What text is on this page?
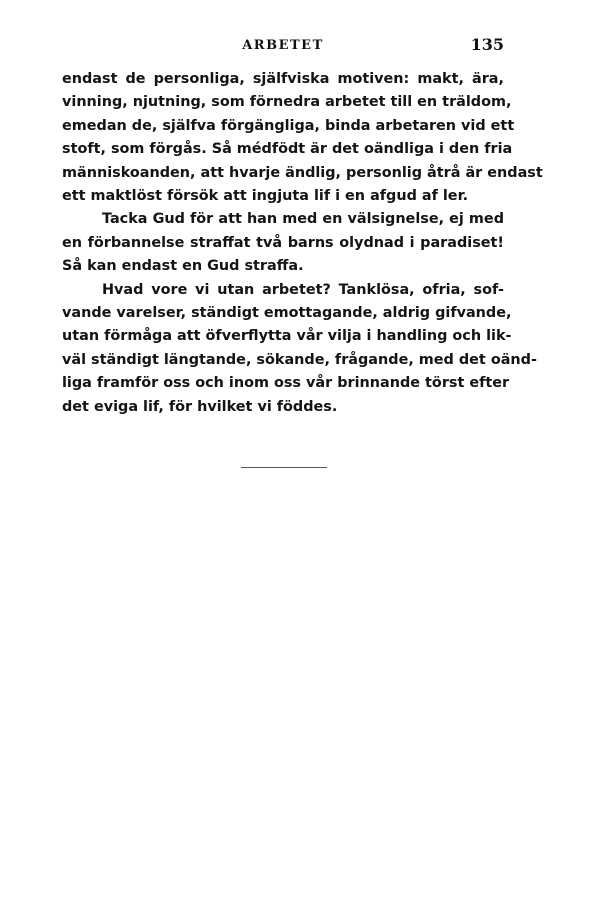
ARBETET	135

endast de personliga, själfviska motiven: makt, ära,
vinning, njutning, som förnedra arbetet till en träldom,
emedan de, själfva förgängliga, binda arbetaren vid ett
stoft, som förgås. Så médfödt är det oändliga i den fria
människoanden, att hvarje ändlig, personlig åtrå är endast
ett maktlöst försök att ingjuta lif i en afgud af ler.

Tacka Gud för att han med en välsignelse, ej med
en förbannelse straffat två barns olydnad i paradiset!
Så kan endast en Gud straffa.

Hvad vore vi utan arbetet? Tanklösa, ofria, sof-
vande varelser, ständigt emottagande, aldrig gifvande,
utan förmåga att öfverflytta vår vilja i handling och lik-
väl ständigt längtande, sökande, frågande, med det oänd-
liga framför oss och inom oss vår brinnande törst efter
det eviga lif, för hvilket vi föddes.
